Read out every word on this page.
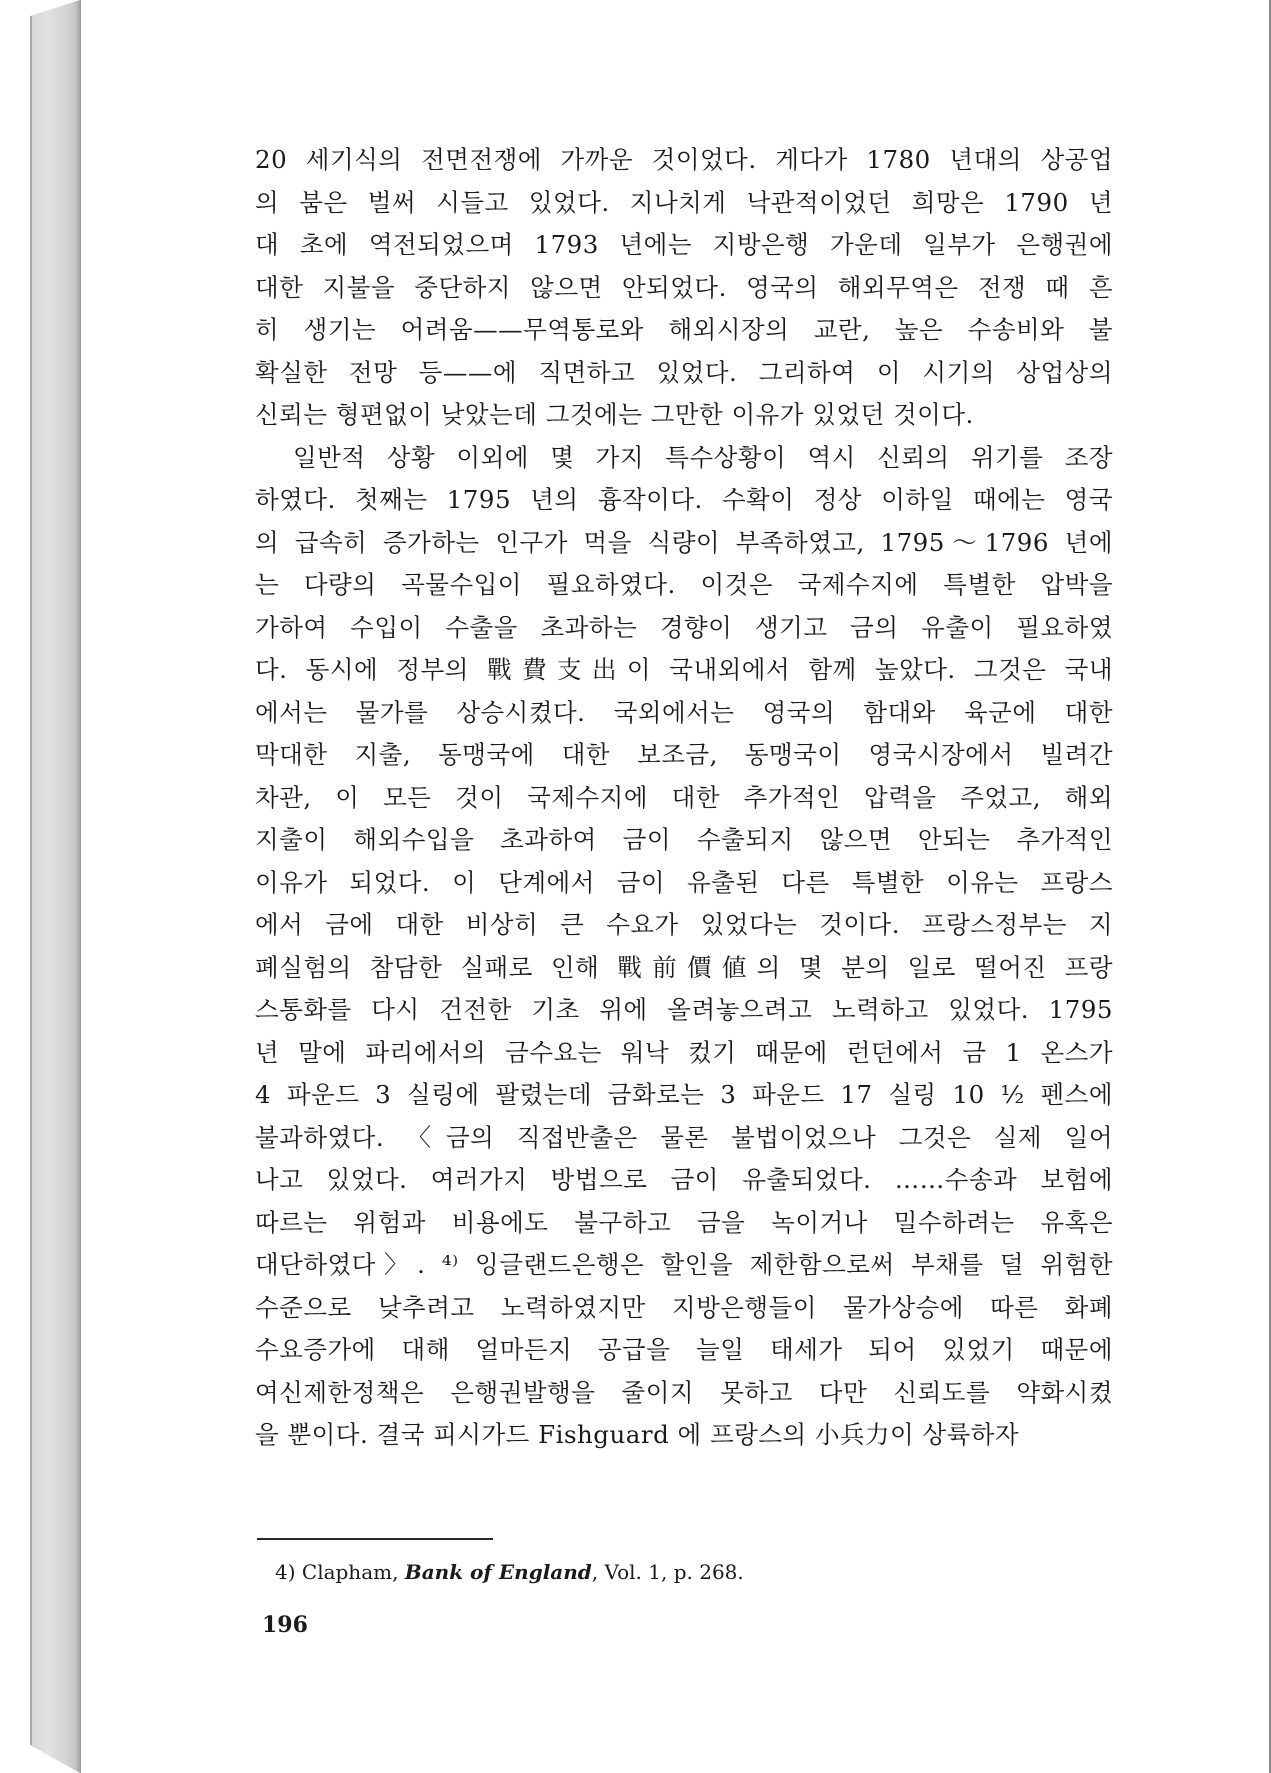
20 세기식의 전면전쟁에 가까운 것이었다. 게다가 1780 년대의 상공업
의 붐은 벌써 시들고 있었다. 지나치게 낙관적이었던 희망은 1790 년
대 초에 역전되었으며 1793 년에는 지방은행 가운데 일부가 은행권에
대한 지불을 중단하지 않으면 안되었다. 영국의 해외무역은 전쟁 때 흔
히 생기는 어려움——무역통로와 해외시장의 교란, 높은 수송비와 불
확실한 전망 등——에 직면하고 있었다. 그리하여 이 시기의 상업상의
신뢰는 형편없이 낮았는데 그것에는 그만한 이유가 있었던 것이다.
　일반적 상황 이외에 몇 가지 특수상황이 역시 신뢰의 위기를 조장
하였다. 첫째는 1795 년의 흉작이다. 수확이 정상 이하일 때에는 영국
의 급속히 증가하는 인구가 먹을 식량이 부족하였고, 1795～1796 년에
는 다량의 곡물수입이 필요하였다. 이것은 국제수지에 특별한 압박을
가하여 수입이 수출을 초과하는 경향이 생기고 금의 유출이 필요하였
다. 동시에 정부의 戰費支出이 국내외에서 함께 높았다. 그것은 국내
에서는 물가를 상승시켰다. 국외에서는 영국의 함대와 육군에 대한
막대한 지출, 동맹국에 대한 보조금, 동맹국이 영국시장에서 빌려간
차관, 이 모든 것이 국제수지에 대한 추가적인 압력을 주었고, 해외
지출이 해외수입을 초과하여 금이 수출되지 않으면 안되는 추가적인
이유가 되었다. 이 단계에서 금이 유출된 다른 특별한 이유는 프랑스
에서 금에 대한 비상히 큰 수요가 있었다는 것이다. 프랑스정부는 지
폐실험의 참담한 실패로 인해 戰前價値의 몇 분의 일로 떨어진 프랑
스통화를 다시 건전한 기초 위에 올려놓으려고 노력하고 있었다. 1795
년 말에 파리에서의 금수요는 워낙 컸기 때문에 런던에서 금 1 온스가
4 파운드 3 실링에 팔렸는데 금화로는 3 파운드 17 실링 10 ½ 펜스에
불과하였다. 〈금의 직접반출은 물론 불법이었으나 그것은 실제 일어
나고 있었다. 여러가지 방법으로 금이 유출되었다. ……수송과 보험에
따르는 위험과 비용에도 불구하고 금을 녹이거나 밀수하려는 유혹은
대단하였다〉. ⁴⁾ 잉글랜드은행은 할인을 제한함으로써 부채를 덜 위험한
수준으로 낮추려고 노력하였지만 지방은행들이 물가상승에 따른 화폐
수요증가에 대해 얼마든지 공급을 늘일 태세가 되어 있었기 때문에
여신제한정책은 은행권발행을 줄이지 못하고 다만 신뢰도를 약화시켰
을 뿐이다. 결국 피시가드 Fishguard 에 프랑스의 小兵力이 상륙하자
4) Clapham, Bank of England, Vol. 1, p. 268.
196
